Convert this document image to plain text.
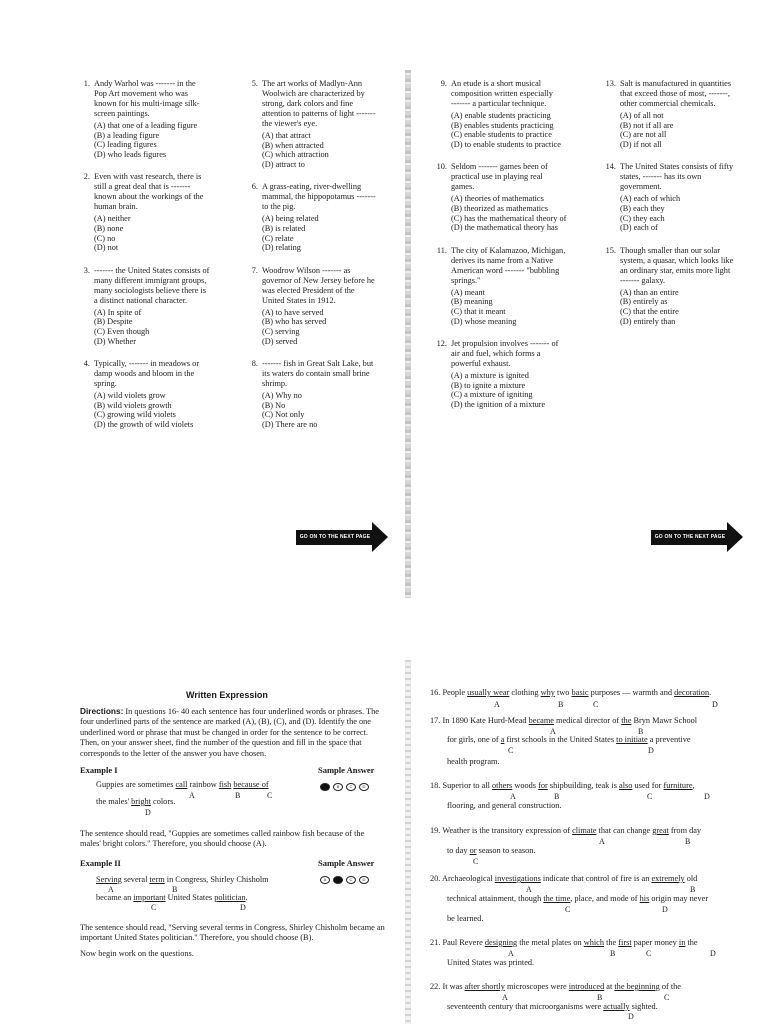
1. Andy Warhol was ------- in the
Pop Art movement who was
known for his multi-image silk-
screen paintings.
(A) that one of a leading figure
(B) a leading figure
(C) leading figures
(D) who leads figures
2. Even with vast research, there is
still a great deal that is -------
known about the workings of the
human brain.
(A) neither
(B) none
(C) no
(D) not
3. ------- the United States consists of
many different immigrant groups,
many sociologists believe there is
a distinct national character.
(A) In spite of
(B) Despite
(C) Even though
(D) Whether
4. Typically, ------- in meadows or
damp woods and bloom in the
spring.
(A) wild violets grow
(B) wild violets growth
(C) growing wild violets
(D) the growth of wild violets
5. The art works of Madlyn-Ann
Woolwich are characterized by
strong, dark colors and fine
attention to patterns of light -------
the viewer's eye.
(A) that attract
(B) when attracted
(C) which attraction
(D) attract to
6. A grass-eating, river-dwelling
mammal, the hippopotamus -------
to the pig.
(A) being related
(B) is related
(C) relate
(D) relating
7. Woodrow Wilson ------- as
governor of New Jersey before he
was elected President of the
United States in 1912.
(A) to have served
(B) who has served
(C) serving
(D) served
8. ------- fish in Great Salt Lake, but
its waters do contain small brine
shrimp.
(A) Why no
(B) No
(C) Not only
(D) There are no
9. An etude is a short musical
composition written especially
------- a particular technique.
(A) enable students practicing
(B) enables students practicing
(C) enable students to practice
(D) to enable students to practice
10. Seldom ------- games been of
practical use in playing real
games.
(A) theories of mathematics
(B) theorized as mathematics
(C) has the mathematical theory of
(D) the mathematical theory has
11. The city of Kalamazoo, Michigan,
derives its name from a Native
American word ------- "bubbling
springs."
(A) meant
(B) meaning
(C) that it meant
(D) whose meaning
12. Jet propulsion involves ------- of
air and fuel, which forms a
powerful exhaust.
(A) a mixture is ignited
(B) to ignite a mixture
(C) a mixture of igniting
(D) the ignition of a mixture
13. Salt is manufactured in quantities
that exceed those of most, -------,
other commercial chemicals.
(A) of all not
(B) not if all are
(C) are not all
(D) if not all
14. The United States consists of fifty
states, ------- has its own
government.
(A) each of which
(B) each they
(C) they each
(D) each of
15. Though smaller than our solar
system, a quasar, which looks like
an ordinary star, emits more light
------- galaxy.
(A) than an entire
(B) entirely as
(C) that the entire
(D) entirely than
GO ON TO THE NEXT PAGE	GO ON TO THE NEXT PAGE
Written Expression
Directions: In questions 16- 40 each sentence has four underlined words or phrases. The four underlined parts of the sentence are marked (A), (B), (C), and (D). Identify the one underlined word or phrase that must be changed in order for the sentence to be correct. Then, on your answer sheet, find the number of the question and fill in the space that corresponds to the letter of the answer you have chosen.
Example I	Sample Answer
Guppies are sometimes call rainbow fish because of
A	B	C
the males' bright colors.
D
A	B	C	D
The sentence should read, "Guppies are sometimes called rainbow fish because of the males' bright colors." Therefore, you should choose (A).
Example II	Sample Answer
Serving several term in Congress, Shirley Chisholm
A	B
became an important United States politician.
C	D
A	B	C	D
The sentence should read, "Serving several terms in Congress, Shirley Chisholm became an important United States politician." Therefore, you should choose (B).
Now begin work on the questions.
16. People usually wear clothing why two basic purposes — warmth and decoration.
A	B	C	D
17. In 1890 Kate Hurd-Mead became medical director of the Bryn Mawr School
A	B
for girls, one of a first schools in the United States to initiate a preventive
C	D
health program.
18. Superior to all others woods for shipbuilding, teak is also used for furniture,
A	B	C	D
flooring, and general construction.
19. Weather is the transitory expression of climate that can change great from day
A	B
to day or season to season.
C
20. Archaeological investigations indicate that control of fire is an extremely old
A	B
technical attainment, though the time, place, and mode of his origin may never
C	D
be learned.
21. Paul Revere designing the metal plates on which the first paper money in the
A	B	C	D
United States was printed.
22. It was after shortly microscopes were introduced at the beginning of the
A	B	C
seventeenth century that microorganisms were actually sighted.
D
